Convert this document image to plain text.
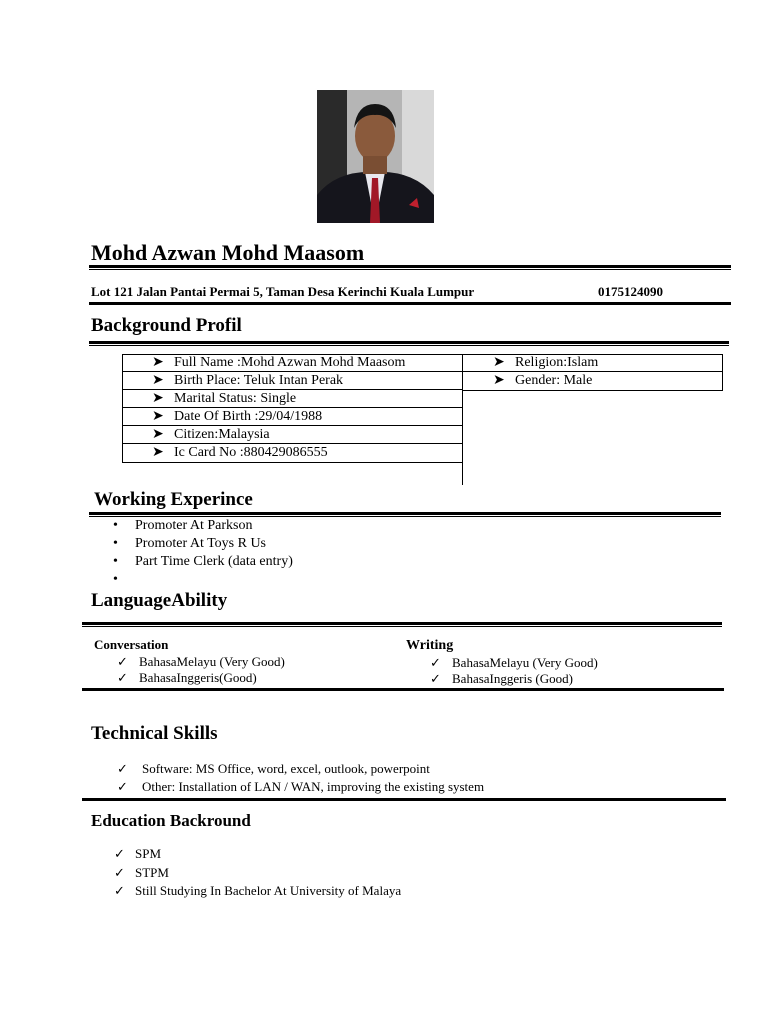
Mohd Azwan Mohd Maasom
Lot 121 Jalan Pantai Permai 5, Taman Desa Kerinchi Kuala Lumpur	0175124090
Background Profil
➤ Full Name :Mohd Azwan Mohd Maasom
➤ Birth Place: Teluk Intan Perak
➤ Marital Status: Single
➤ Date Of Birth :29/04/1988
➤ Citizen:Malaysia
➤ Ic Card No :880429086555
➤ Religion:Islam
➤ Gender: Male
Working Experince
• Promoter At Parkson
• Promoter At Toys R Us
• Part Time Clerk (data entry)
•
LanguageAbility
Conversation
✓ BahasaMelayu (Very Good)
✓ BahasaInggeris(Good)
Writing
✓ BahasaMelayu (Very Good)
✓ BahasaInggeris (Good)
Technical Skills
✓ Software: MS Office, word, excel, outlook, powerpoint
✓ Other: Installation of LAN / WAN, improving the existing system
Education Backround
✓ SPM
✓ STPM
✓ Still Studying In Bachelor At University of Malaya
